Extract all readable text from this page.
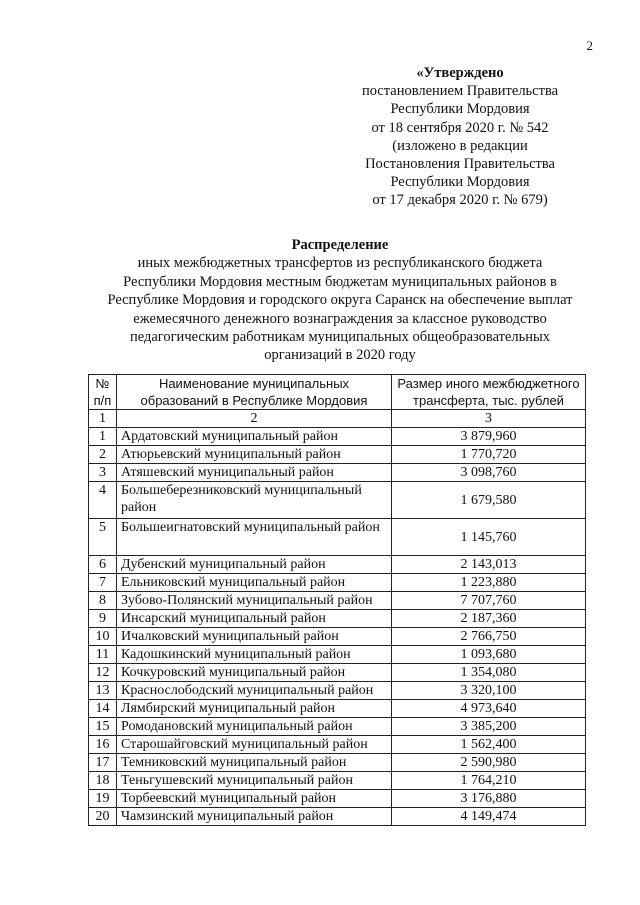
2
«Утверждено
постановлением Правительства
Республики Мордовия
от 18 сентября 2020 г. № 542
(изложено в редакции
Постановления Правительства
Республики Мордовия
от 17 декабря 2020 г. № 679)
Распределение
иных межбюджетных трансфертов из республиканского бюджета
Республики Мордовия местным бюджетам муниципальных районов в
Республике Мордовия и городского округа Саранск на обеспечение выплат
ежемесячного денежного вознаграждения за классное руководство
педагогическим работникам муниципальных общеобразовательных
организаций в 2020 году
№ п/п	Наименование муниципальных образований в Республике Мордовия	Размер иного межбюджетного трансферта, тыс. рублей
1	2	3
1	Ардатовский муниципальный район	3 879,960
2	Атюрьевский муниципальный район	1 770,720
3	Атяшевский муниципальный район	3 098,760
4	Большеберезниковский муниципальный район	1 679,580
5	Большеигнатовский муниципальный район	1 145,760
6	Дубенский муниципальный район	2 143,013
7	Ельниковский муниципальный район	1 223,880
8	Зубово-Полянский муниципальный район	7 707,760
9	Инсарский муниципальный район	2 187,360
10	Ичалковский муниципальный район	2 766,750
11	Кадошкинский муниципальный район	1 093,680
12	Кочкуровский муниципальный район	1 354,080
13	Краснослободский муниципальный район	3 320,100
14	Лямбирский муниципальный район	4 973,640
15	Ромодановский муниципальный район	3 385,200
16	Старошайговский муниципальный район	1 562,400
17	Темниковский муниципальный район	2 590,980
18	Теньгушевский муниципальный район	1 764,210
19	Торбеевский муниципальный район	3 176,880
20	Чамзинский муниципальный район	4 149,474
